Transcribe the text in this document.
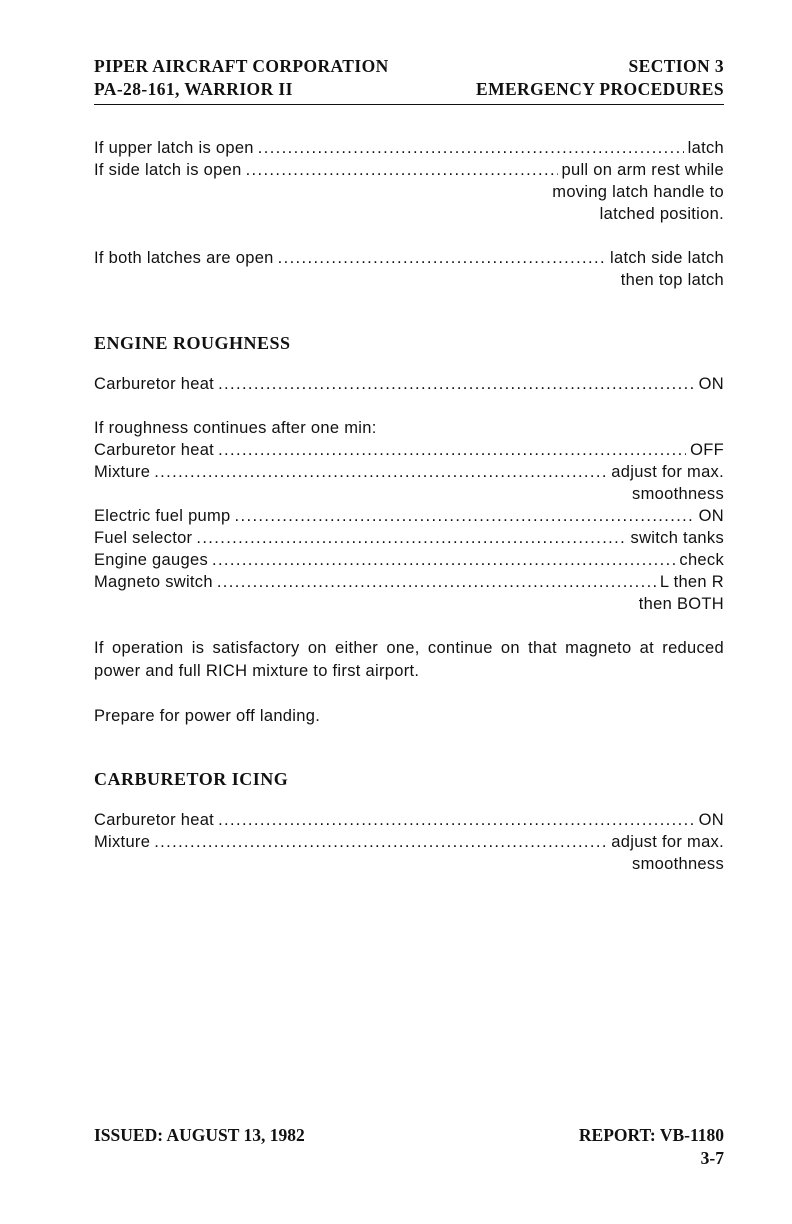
PIPER AIRCRAFT CORPORATION	SECTION 3
PA-28-161, WARRIOR II	EMERGENCY PROCEDURES
If upper latch is open . . .	latch
If side latch is open . . .	pull on arm rest while
moving latch handle to
latched position.
If both latches are open . . .	latch side latch
then top latch
ENGINE ROUGHNESS
Carburetor heat . . .	ON
If roughness continues after one min:
Carburetor heat . . .	OFF
Mixture . . .	adjust for max.
smoothness
Electric fuel pump . . .	ON
Fuel selector . . .	switch tanks
Engine gauges . . .	check
Magneto switch . . .	L then R
then BOTH
If operation is satisfactory on either one, continue on that magneto at reduced power and full RICH mixture to first airport.
Prepare for power off landing.
CARBURETOR ICING
Carburetor heat . . .	ON
Mixture . . .	adjust for max.
smoothness
ISSUED: AUGUST 13, 1982	REPORT: VB-1180
3-7
